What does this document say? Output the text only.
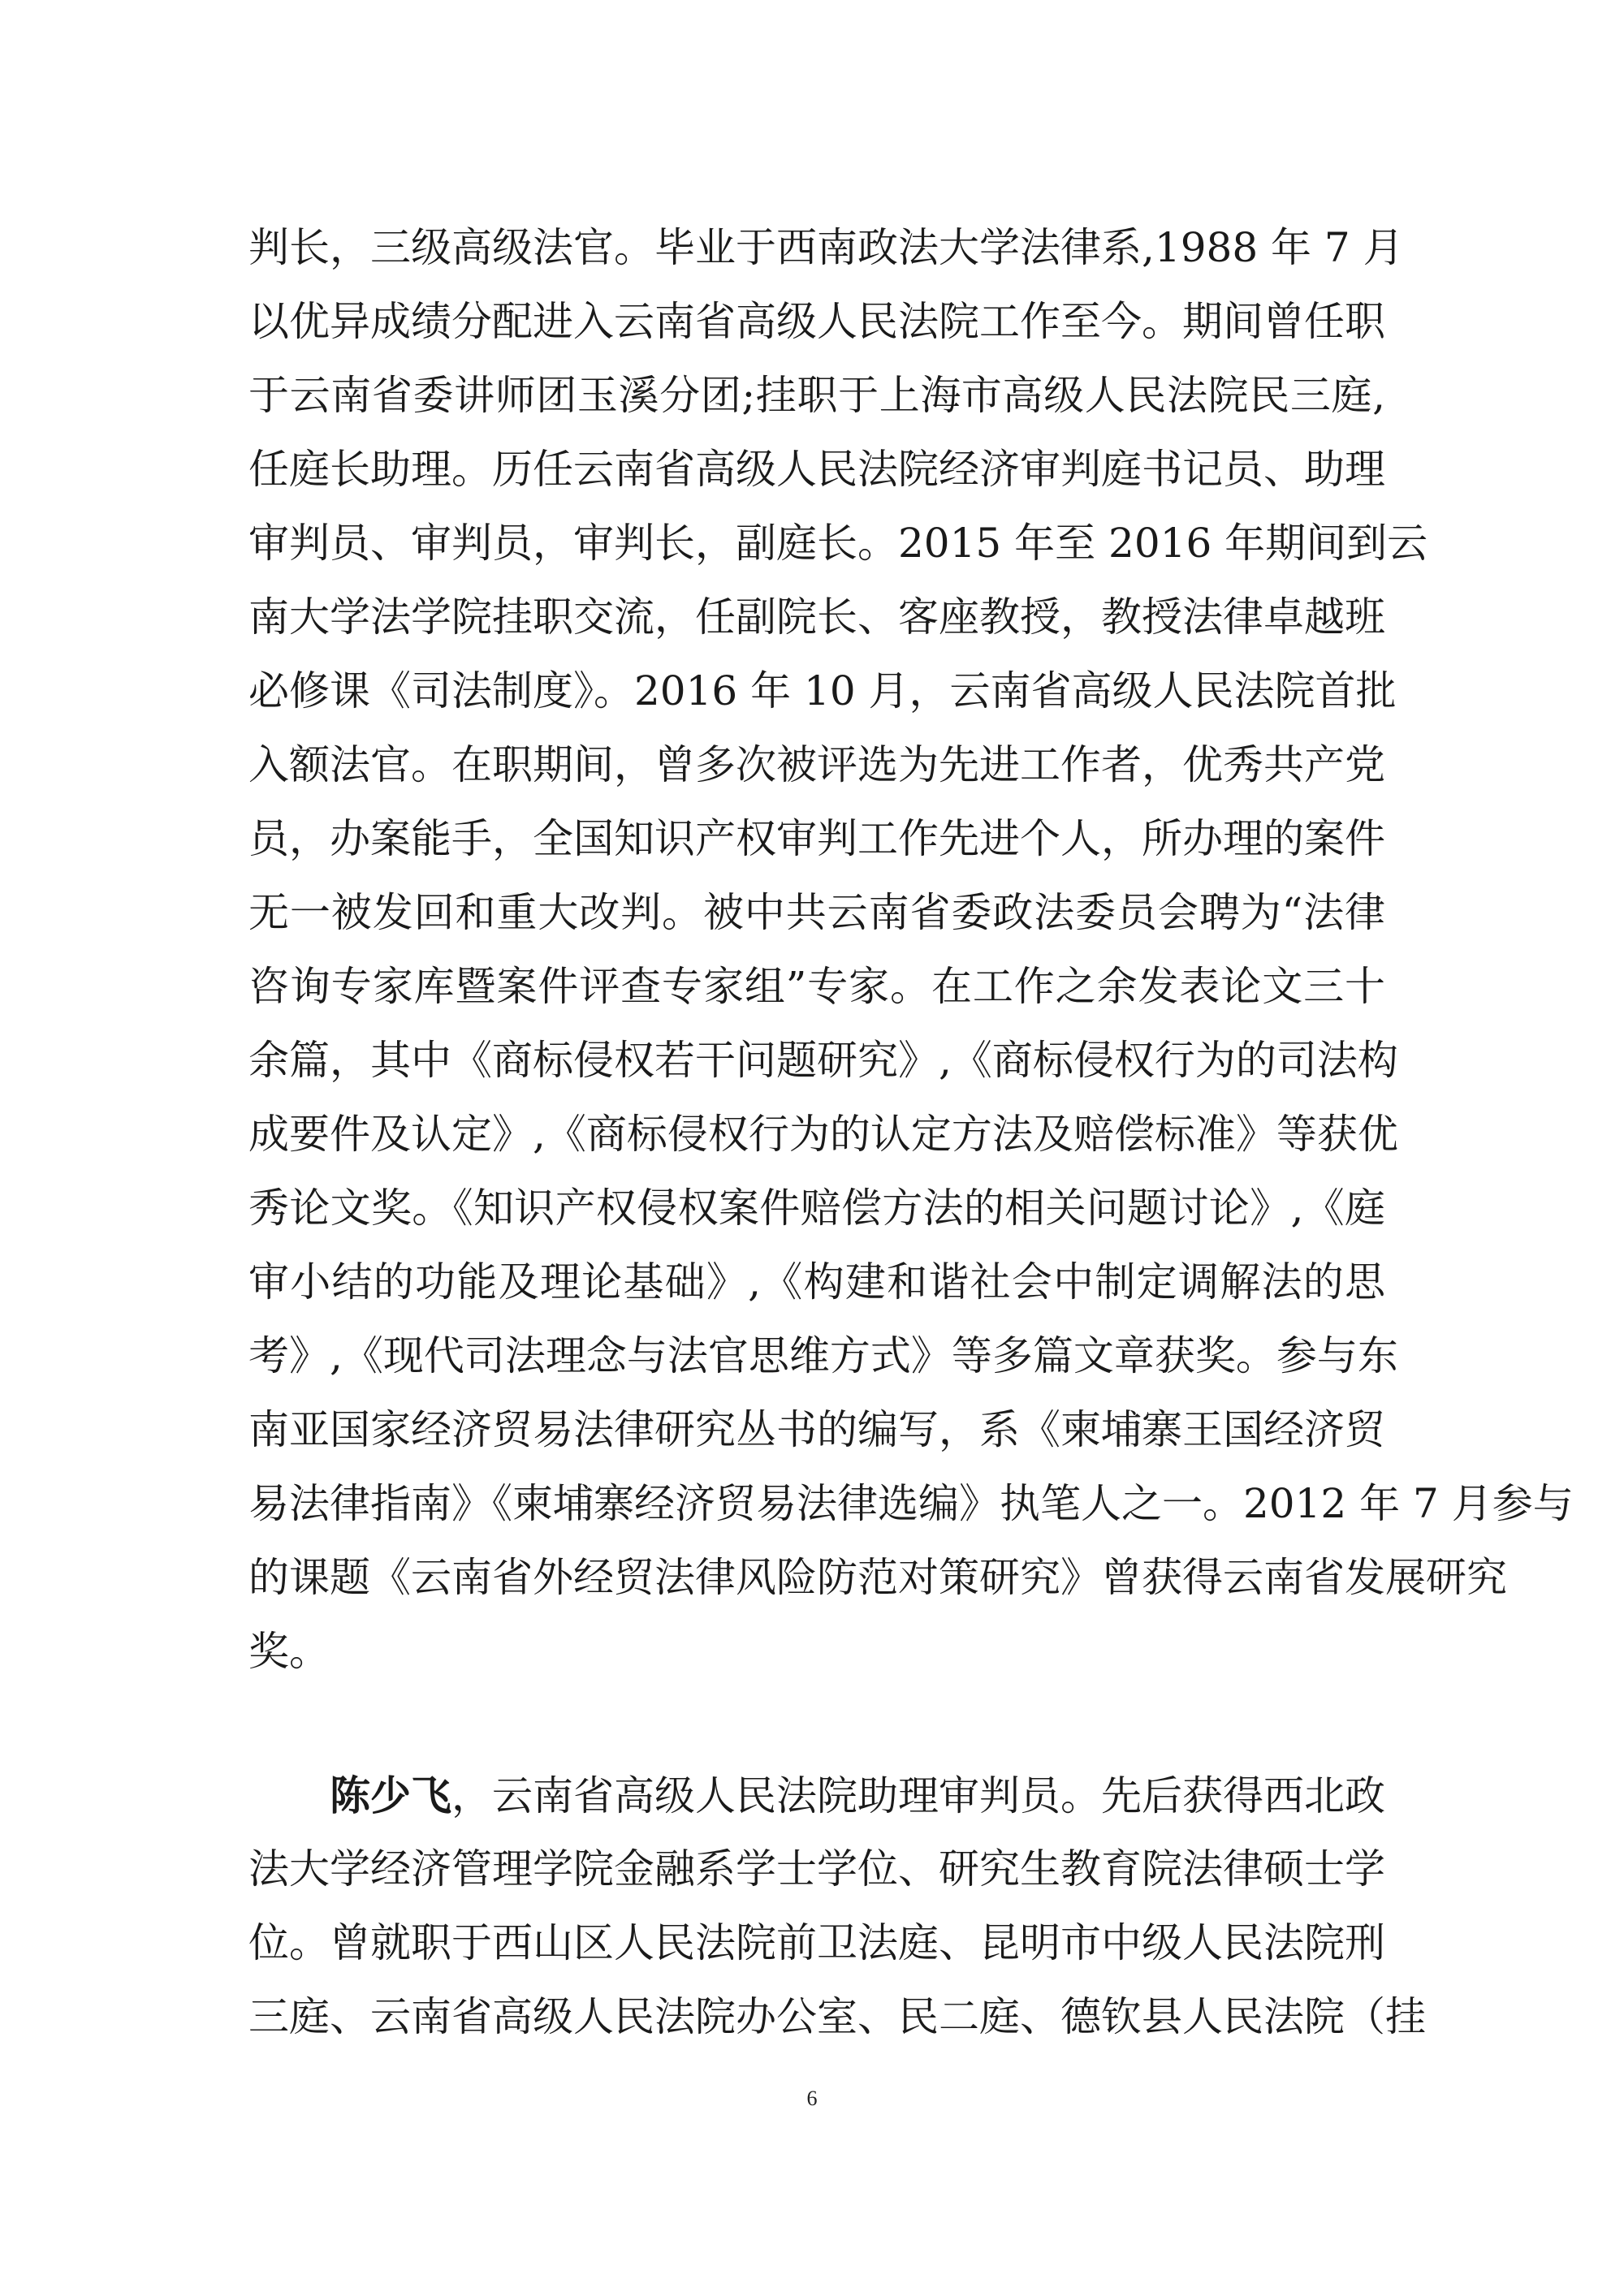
判长，三级高级法官。毕业于西南政法大学法律系,1988 年 7 月
以优异成绩分配进入云南省高级人民法院工作至今。期间曾任职
于云南省委讲师团玉溪分团;挂职于上海市高级人民法院民三庭,
任庭长助理。历任云南省高级人民法院经济审判庭书记员、助理
审判员、审判员，审判长，副庭长。2015 年至 2016 年期间到云
南大学法学院挂职交流，任副院长、客座教授，教授法律卓越班
必修课《司法制度》。2016 年 10 月，云南省高级人民法院首批
入额法官。在职期间，曾多次被评选为先进工作者，优秀共产党
员，办案能手，全国知识产权审判工作先进个人，所办理的案件
无一被发回和重大改判。被中共云南省委政法委员会聘为“法律
咨询专家库暨案件评查专家组”专家。在工作之余发表论文三十
余篇，其中《商标侵权若干问题研究》,《商标侵权行为的司法构
成要件及认定》,《商标侵权行为的认定方法及赔偿标准》等获优
秀论文奖。《知识产权侵权案件赔偿方法的相关问题讨论》,《庭
审小结的功能及理论基础》,《构建和谐社会中制定调解法的思
考》,《现代司法理念与法官思维方式》等多篇文章获奖。参与东
南亚国家经济贸易法律研究丛书的编写，系《柬埔寨王国经济贸
易法律指南》《柬埔寨经济贸易法律选编》执笔人之一。2012 年 7 月参与
的课题《云南省外经贸法律风险防范对策研究》曾获得云南省发展研究
奖。
陈少飞，云南省高级人民法院助理审判员。先后获得西北政
法大学经济管理学院金融系学士学位、研究生教育院法律硕士学
位。曾就职于西山区人民法院前卫法庭、昆明市中级人民法院刑
三庭、云南省高级人民法院办公室、民二庭、德钦县人民法院（挂
6
